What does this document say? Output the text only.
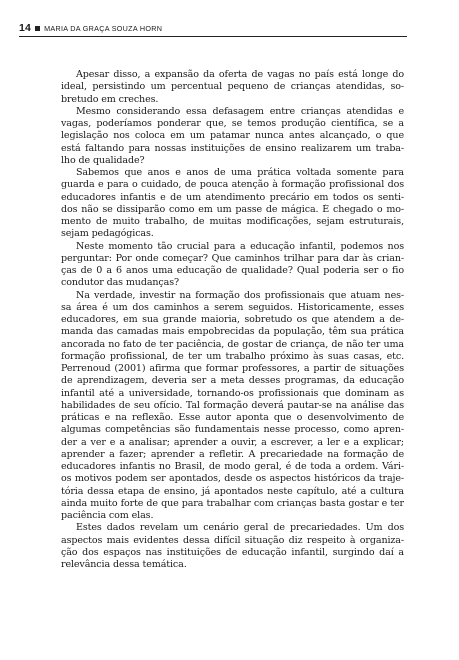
14 MARIA DA GRAÇA SOUZA HORN
Apesar disso, a expansão da oferta de vagas no país está longe do
ideal, persistindo um percentual pequeno de crianças atendidas, so-
bretudo em creches.
Mesmo considerando essa defasagem entre crianças atendidas e
vagas, poderíamos ponderar que, se temos produção científica, se a
legislação nos coloca em um patamar nunca antes alcançado, o que
está faltando para nossas instituições de ensino realizarem um traba-
lho de qualidade?
Sabemos que anos e anos de uma prática voltada somente para
guarda e para o cuidado, de pouca atenção à formação profissional dos
educadores infantis e de um atendimento precário em todos os senti-
dos não se dissiparão como em um passe de mágica. É chegado o mo-
mento de muito trabalho, de muitas modificações, sejam estruturais,
sejam pedagógicas.
Neste momento tão crucial para a educação infantil, podemos nos
perguntar: Por onde começar? Que caminhos trilhar para dar às crian-
ças de 0 a 6 anos uma educação de qualidade? Qual poderia ser o fio
condutor das mudanças?
Na verdade, investir na formação dos profissionais que atuam nes-
sa área é um dos caminhos a serem seguidos. Historicamente, esses
educadores, em sua grande maioria, sobretudo os que atendem a de-
manda das camadas mais empobrecidas da população, têm sua prática
ancorada no fato de ter paciência, de gostar de criança, de não ter uma
formação profissional, de ter um trabalho próximo às suas casas, etc.
Perrenoud (2001) afirma que formar professores, a partir de situações
de aprendizagem, deveria ser a meta desses programas, da educação
infantil até a universidade, tornando-os profissionais que dominam as
habilidades de seu ofício. Tal formação deverá pautar-se na análise das
práticas e na reflexão. Esse autor aponta que o desenvolvimento de
algumas competências são fundamentais nesse processo, como apren-
der a ver e a analisar; aprender a ouvir, a escrever, a ler e a explicar;
aprender a fazer; aprender a refletir. A precariedade na formação de
educadores infantis no Brasil, de modo geral, é de toda a ordem. Vári-
os motivos podem ser apontados, desde os aspectos históricos da traje-
tória dessa etapa de ensino, já apontados neste capítulo, até a cultura
ainda muito forte de que para trabalhar com crianças basta gostar e ter
paciência com elas.
Estes dados revelam um cenário geral de precariedades. Um dos
aspectos mais evidentes dessa difícil situação diz respeito à organiza-
ção dos espaços nas instituições de educação infantil, surgindo daí a
relevância dessa temática.
